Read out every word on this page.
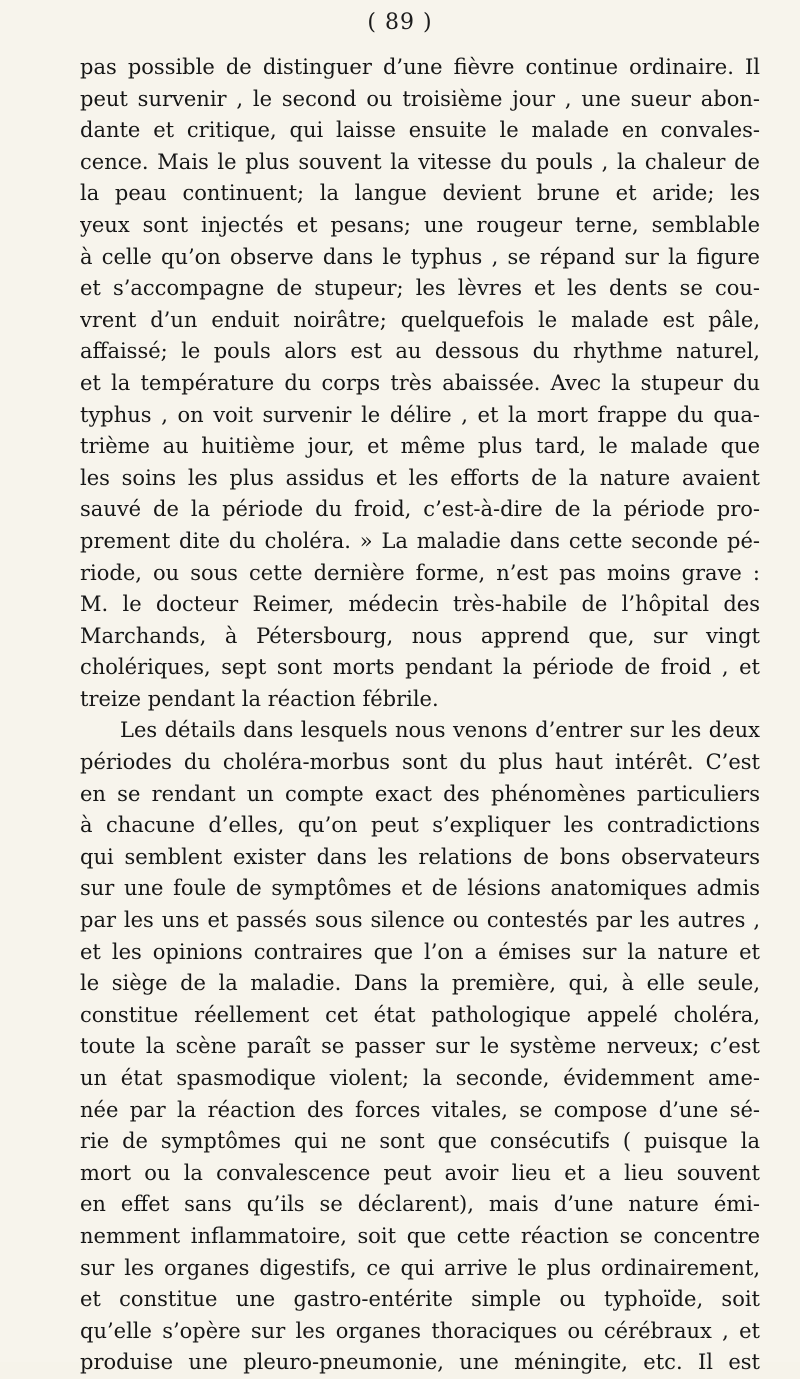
( 89 )
pas possible de distinguer d’une fièvre continue ordinaire. Il
peut survenir , le second ou troisième jour , une sueur abon-
dante et critique, qui laisse ensuite le malade en convales-
cence. Mais le plus souvent la vitesse du pouls , la chaleur de
la peau continuent; la langue devient brune et aride; les
yeux sont injectés et pesans; une rougeur terne, semblable
à celle qu’on observe dans le typhus , se répand sur la figure
et s’accompagne de stupeur; les lèvres et les dents se cou-
vrent d’un enduit noirâtre; quelquefois le malade est pâle,
affaissé; le pouls alors est au dessous du rhythme naturel,
et la température du corps très abaissée. Avec la stupeur du
typhus , on voit survenir le délire , et la mort frappe du qua-
trième au huitième jour, et même plus tard, le malade que
les soins les plus assidus et les efforts de la nature avaient
sauvé de la période du froid, c’est-à-dire de la période pro-
prement dite du choléra. » La maladie dans cette seconde pé-
riode, ou sous cette dernière forme, n’est pas moins grave :
M. le docteur Reimer, médecin très-habile de l’hôpital des
Marchands, à Pétersbourg, nous apprend que, sur vingt
cholériques, sept sont morts pendant la période de froid , et
treize pendant la réaction fébrile.
Les détails dans lesquels nous venons d’entrer sur les deux
périodes du choléra-morbus sont du plus haut intérêt. C’est
en se rendant un compte exact des phénomènes particuliers
à chacune d’elles, qu’on peut s’expliquer les contradictions
qui semblent exister dans les relations de bons observateurs
sur une foule de symptômes et de lésions anatomiques admis
par les uns et passés sous silence ou contestés par les autres ,
et les opinions contraires que l’on a émises sur la nature et
le siège de la maladie. Dans la première, qui, à elle seule,
constitue réellement cet état pathologique appelé choléra,
toute la scène paraît se passer sur le système nerveux; c’est
un état spasmodique violent; la seconde, évidemment ame-
née par la réaction des forces vitales, se compose d’une sé-
rie de symptômes qui ne sont que consécutifs ( puisque la
mort ou la convalescence peut avoir lieu et a lieu souvent
en effet sans qu’ils se déclarent), mais d’une nature émi-
nemment inflammatoire, soit que cette réaction se concentre
sur les organes digestifs, ce qui arrive le plus ordinairement,
et constitue une gastro-entérite simple ou typhoïde, soit
qu’elle s’opère sur les organes thoraciques ou cérébraux , et
produise une pleuro-pneumonie, une méningite, etc. Il est
